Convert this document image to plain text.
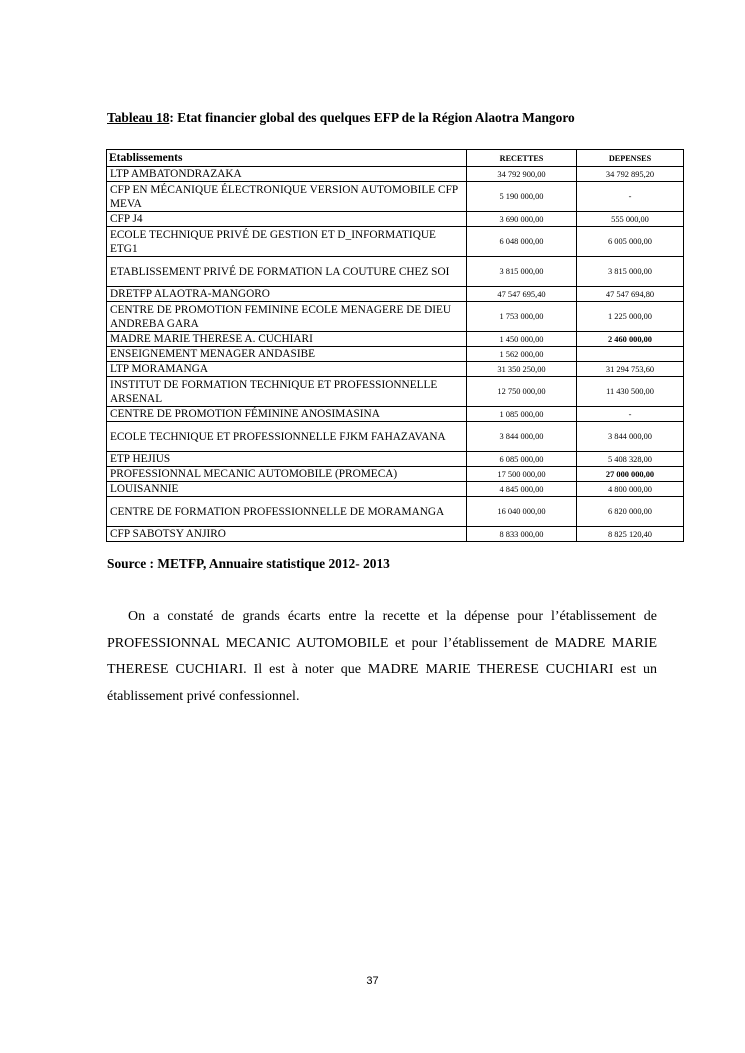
Tableau 18: Etat financier global des quelques EFP de la Région Alaotra Mangoro
Etablissements	RECETTES	DEPENSES
LTP AMBATONDRAZAKA	34 792 900,00	34 792 895,20
CFP EN MÉCANIQUE ÉLECTRONIQUE VERSION AUTOMOBILE CFP MEVA	5 190 000,00	-
CFP J4	3 690 000,00	555 000,00
ECOLE TECHNIQUE PRIVÉ DE GESTION ET D_INFORMATIQUE ETG1	6 048 000,00	6 005 000,00
ETABLISSEMENT PRIVÉ DE FORMATION LA COUTURE CHEZ SOI	3 815 000,00	3 815 000,00
DRETFP ALAOTRA-MANGORO	47 547 695,40	47 547 694,80
CENTRE DE PROMOTION FEMININE ECOLE MENAGERE DE DIEU ANDREBA GARA	1 753 000,00	1 225 000,00
MADRE MARIE THERESE A. CUCHIARI	1 450 000,00	2 460 000,00
ENSEIGNEMENT MENAGER ANDASIBE	1 562 000,00	
LTP MORAMANGA	31 350 250,00	31 294 753,60
INSTITUT DE FORMATION TECHNIQUE ET PROFESSIONNELLE ARSENAL	12 750 000,00	11 430 500,00
CENTRE DE PROMOTION FÉMININE ANOSIMASINA	1 085 000,00	-
ECOLE TECHNIQUE ET PROFESSIONNELLE FJKM FAHAZAVANA	3 844 000,00	3 844 000,00
ETP HEJIUS	6 085 000,00	5 408 328,00
PROFESSIONNAL MECANIC AUTOMOBILE (PROMECA)	17 500 000,00	27 000 000,00
LOUISANNIE	4 845 000,00	4 800 000,00
CENTRE DE FORMATION PROFESSIONNELLE DE MORAMANGA	16 040 000,00	6 820 000,00
CFP SABOTSY ANJIRO	8 833 000,00	8 825 120,40
Source : METFP, Annuaire statistique 2012- 2013

On a constaté de grands écarts entre la recette et la dépense pour l’établissement de PROFESSIONNAL MECANIC AUTOMOBILE et pour l’établissement de MADRE MARIE THERESE CUCHIARI. Il est à noter que MADRE MARIE THERESE CUCHIARI est un établissement privé confessionnel.

37
